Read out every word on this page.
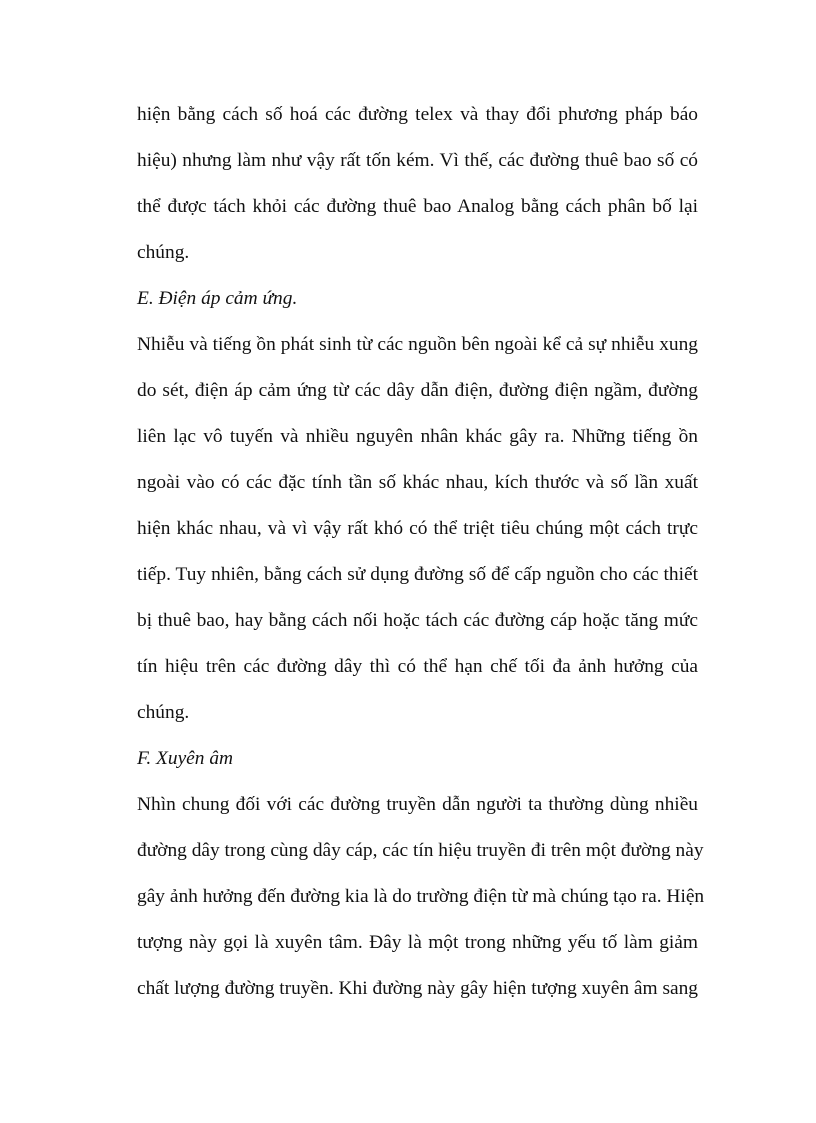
hiện bằng cách số hoá các đường telex và thay đổi phương pháp báo
hiệu) nhưng làm như vậy rất tốn kém. Vì thế, các đường thuê bao số có
thể được tách khỏi các đường thuê bao Analog bằng cách phân bố lại
chúng.
E. Điện áp cảm ứng.
Nhiễu và tiếng ồn phát sinh từ các nguồn bên ngoài kể cả sự nhiễu xung
do sét, điện áp cảm ứng từ các dây dẫn điện, đường điện ngầm, đường
liên lạc vô tuyến và nhiều nguyên nhân khác gây ra. Những tiếng ồn
ngoài vào có các đặc tính tần số khác nhau, kích thước và số lần xuất
hiện khác nhau, và vì vậy rất khó có thể triệt tiêu chúng một cách trực
tiếp. Tuy nhiên, bằng cách sử dụng đường số để cấp nguồn cho các thiết
bị thuê bao, hay bằng cách nối hoặc tách các đường cáp hoặc tăng mức
tín hiệu trên các đường dây thì có thể hạn chế tối đa ảnh hưởng của
chúng.
F. Xuyên âm
Nhìn chung đối với các đường truyền dẫn người ta thường dùng nhiều
đường dây trong cùng dây cáp, các tín hiệu truyền đi trên một đường này
gây ảnh hưởng đến đường kia là do trường điện từ mà chúng tạo ra. Hiện
tượng này gọi là xuyên tâm. Đây là một trong những yếu tố làm giảm
chất lượng đường truyền. Khi đường này gây hiện tượng xuyên âm sang
